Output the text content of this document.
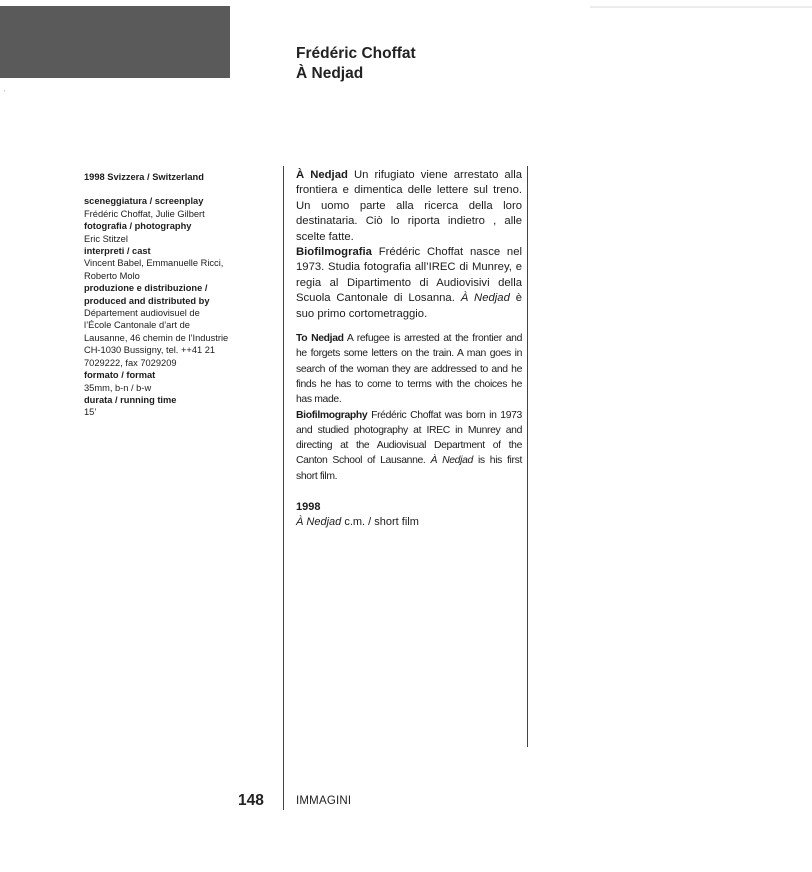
ˏ
Frédéric Choffat
À Nedjad
1998 Svizzera / Switzerland
sceneggiatura / screenplay
Frédéric Choffat, Julie Gilbert
fotografia / photography
Eric Stitzel
interpreti / cast
Vincent Babel, Emmanuelle Ricci,
Roberto Molo
produzione e distribuzione /
produced and distributed by
Département audiovisuel de
l’École Cantonale d’art de
Lausanne, 46 chemin de l’Industrie
CH-1030 Bussigny, tel. ++41 21
7029222, fax 7029209
formato / format
35mm, b-n / b-w
durata / running time
15’
À Nedjad Un rifugiato viene arrestato alla frontiera e dimentica delle lettere sul treno. Un uomo parte alla ricerca della loro destinataria. Ciò lo riporta indietro , alle scelte fatte.
Biofilmografia Frédéric Choffat nasce nel 1973. Studia fotografia all’IREC di Munrey, e regia al Dipartimento di Audiovisivi della Scuola Cantonale di Losanna. À Nedjad è suo primo cortometraggio.
To Nedjad A refugee is arrested at the frontier and he forgets some letters on the train. A man goes in search of the woman they are addressed to and he finds he has to come to terms with the choices he has made.
Biofilmography Frédéric Choffat was born in 1973 and studied photography at IREC in Munrey and directing at the Audiovisual Department of the Canton School of Lausanne. À Nedjad is his first short film.
1998
À Nedjad c.m. / short film
148	IMMAGINI
